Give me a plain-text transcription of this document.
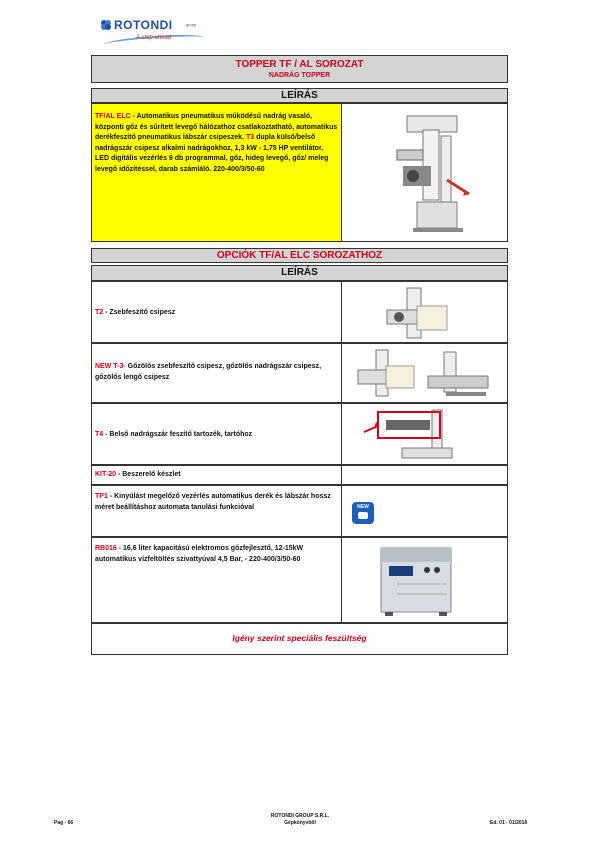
ROTONDI	group
A step ahead
TOPPER TF / AL SOROZAT
NADRÁG TOPPER
LEÍRÁS
TF/AL ELC - Automatikus pneumatikus működésű nadrág vasaló, központi gőz és sűrített levegő hálózathoz csatlakoztatható, automatikus derékfeszítő pneumatikus lábszár csipeszek. T3 dupla külső/belső nadrágszár csipesz alkalmi nadrágokhoz, 1,3 kW - 1,75 HP ventilátor, LED digitális vezérlés 9 db programmal, gőz, hideg levegő, gőz/ meleg levegő időzítéssel, darab számláló. 220-400/3/50-60
OPCIÓK TF/AL ELC SOROZATHOZ
LEÍRÁS
T2 - Zsebfeszítő csipesz
NEW T-3- Gőzölős zsebfeszítő csipesz, gőzölős nadrágszár csipesz, gőzölős lengő csipesz
T4 - Belső nadrágszár feszítő tartozék, tartóhoz
KIT-20 - Beszerelő készlet
TP1 - Kinyúlást megelőző vezérlés automatikus derék és lábszár hossz méret beállításhoz automata tanulási funkcióval	NEW
RB016 - 16,6 liter kapacitású elektromos gőzfejlesztő, 12-15kW automatikus vízfeltöltés szivattyúval 4,5 Bar, - 220-400/3/50-60
Igény szerint speciális feszültség
Pag - 66
ROTONDI GROUP S.R.L.
Gépkönyvből	Ed. 01 - 01/2016
